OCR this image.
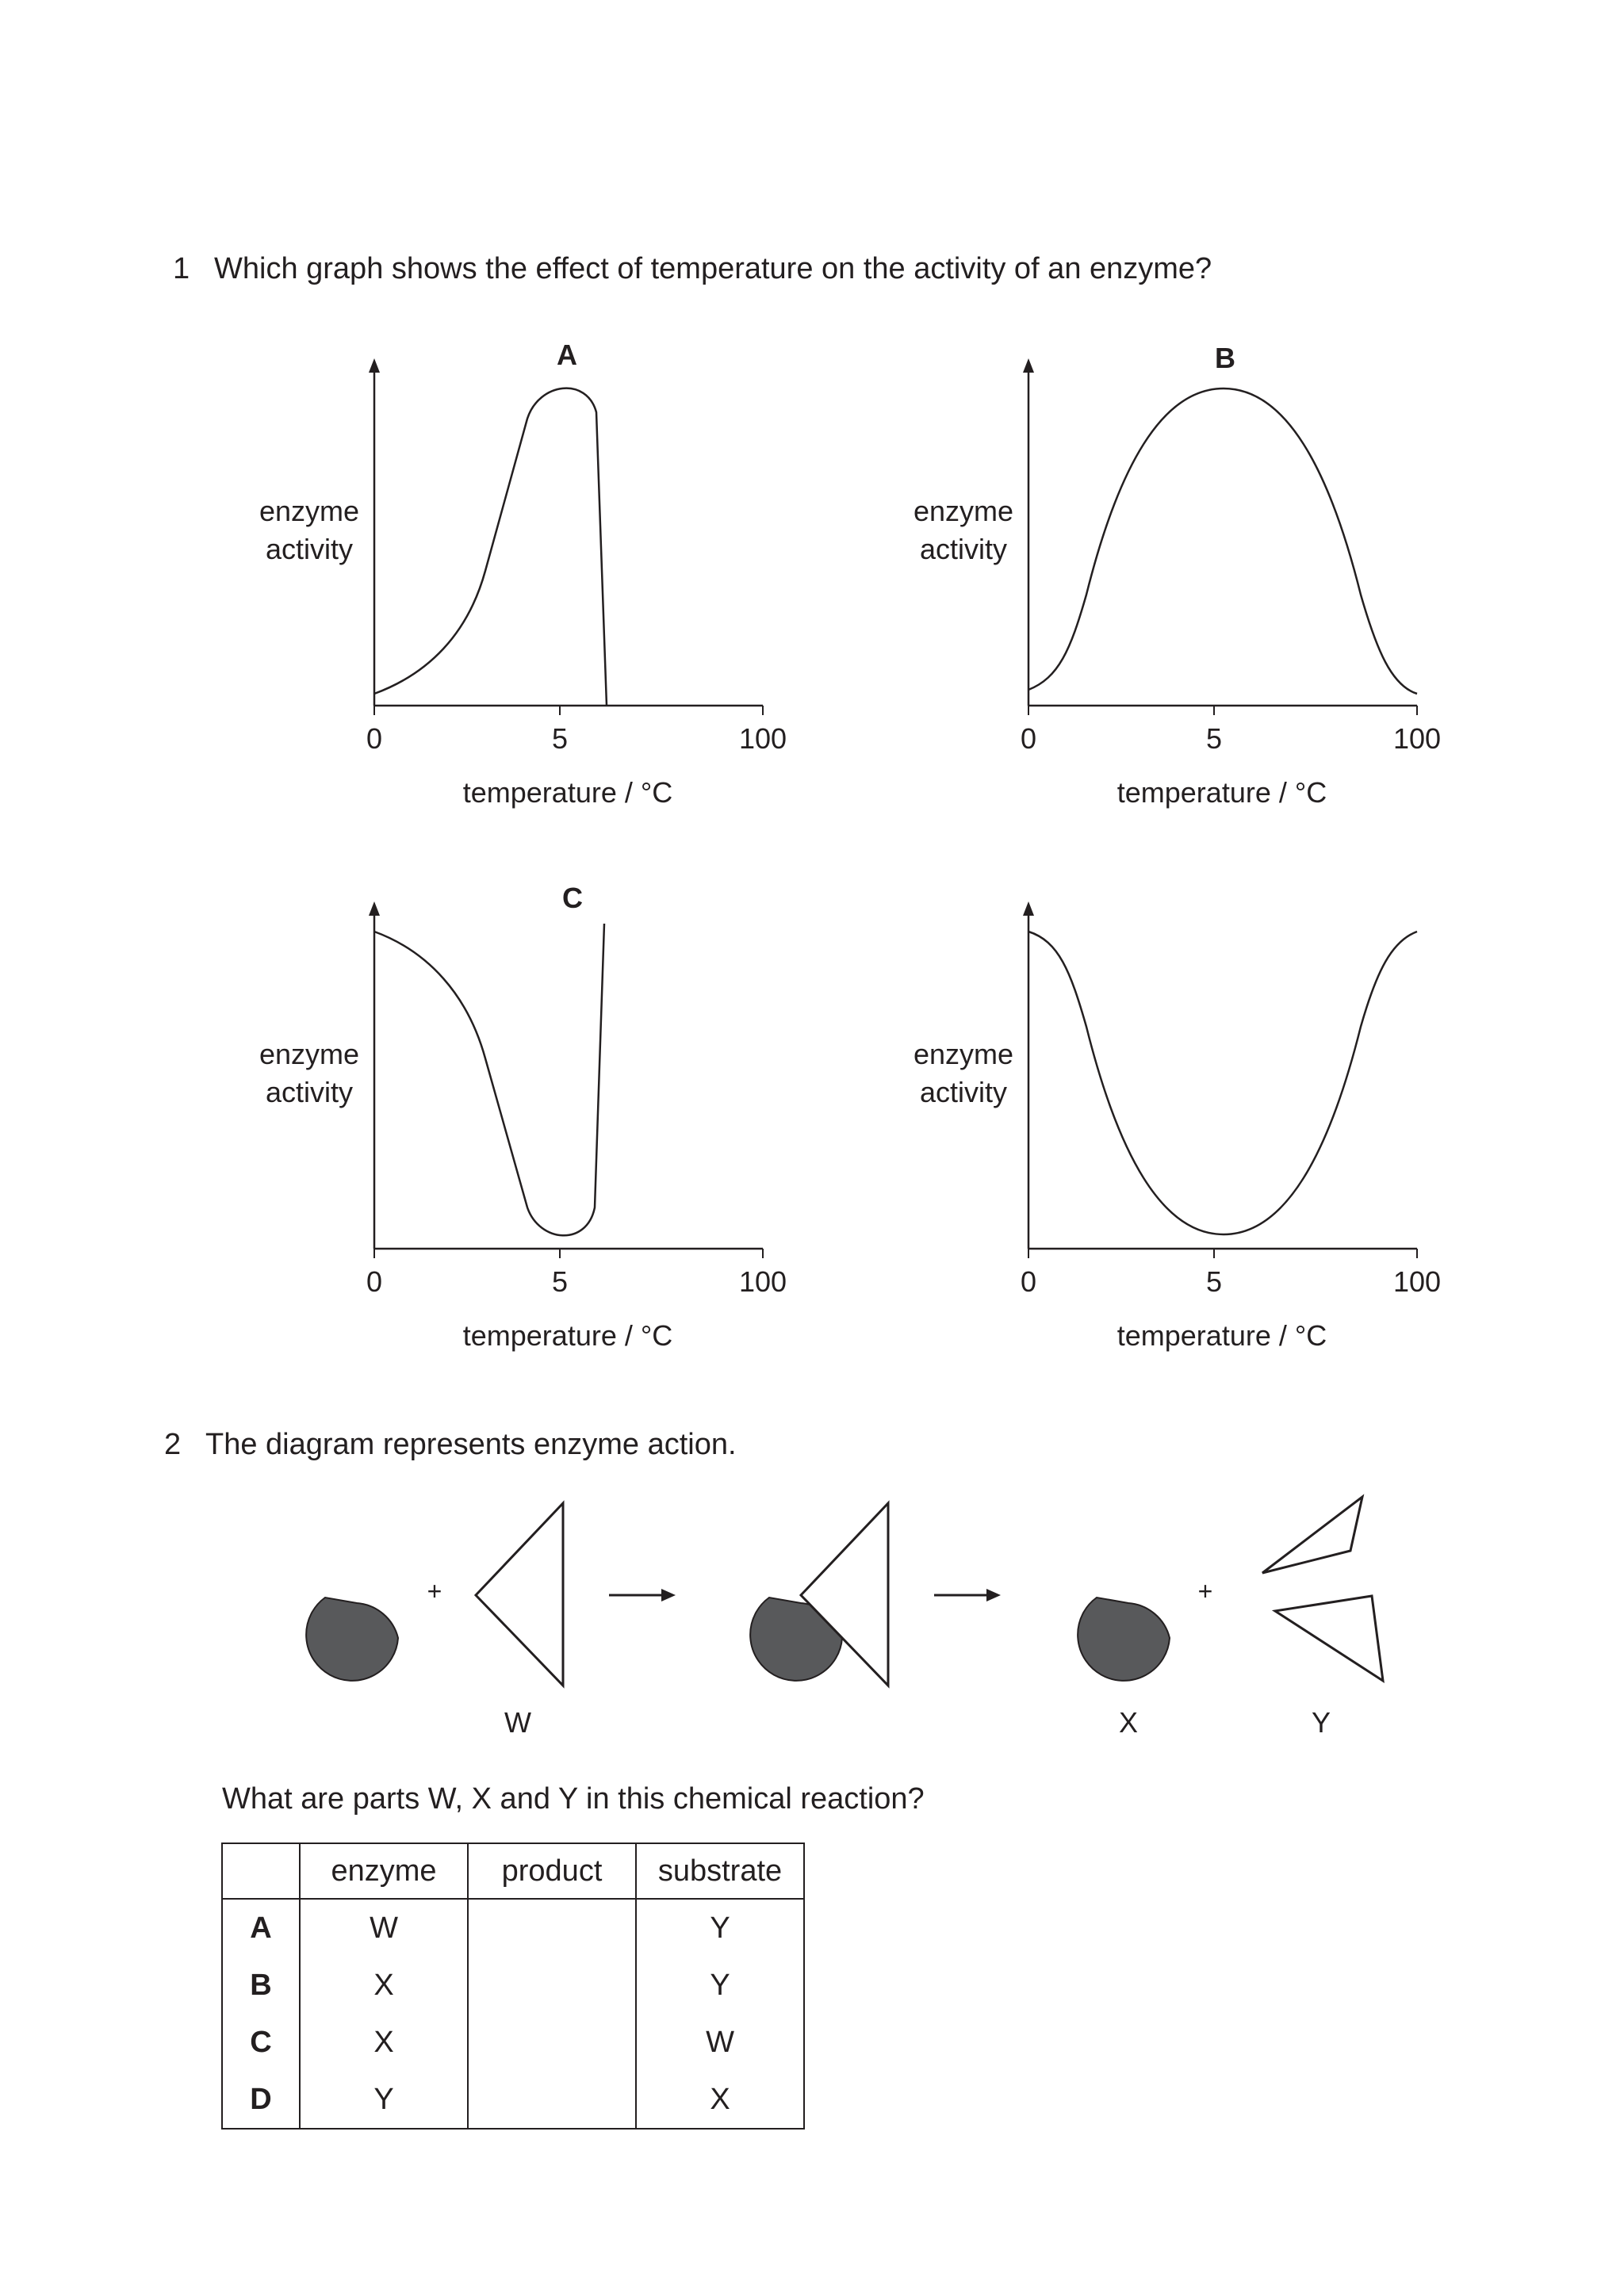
1 Which graph shows the effect of temperature on the activity of an enzyme?
A
enzyme
activity
0	5	100
temperature / °C
B
enzyme
activity
0	5	100
temperature / °C
C
enzyme
activity
0	5	100
temperature / °C
enzyme
activity
0	5	100
temperature / °C
2 The diagram represents enzyme action.
+
W	X
+
Y
What are parts W, X and Y in this chemical reaction?
	enzyme	product	substrate
A	W		Y
B	X		Y
C	X		W
D	Y		X
